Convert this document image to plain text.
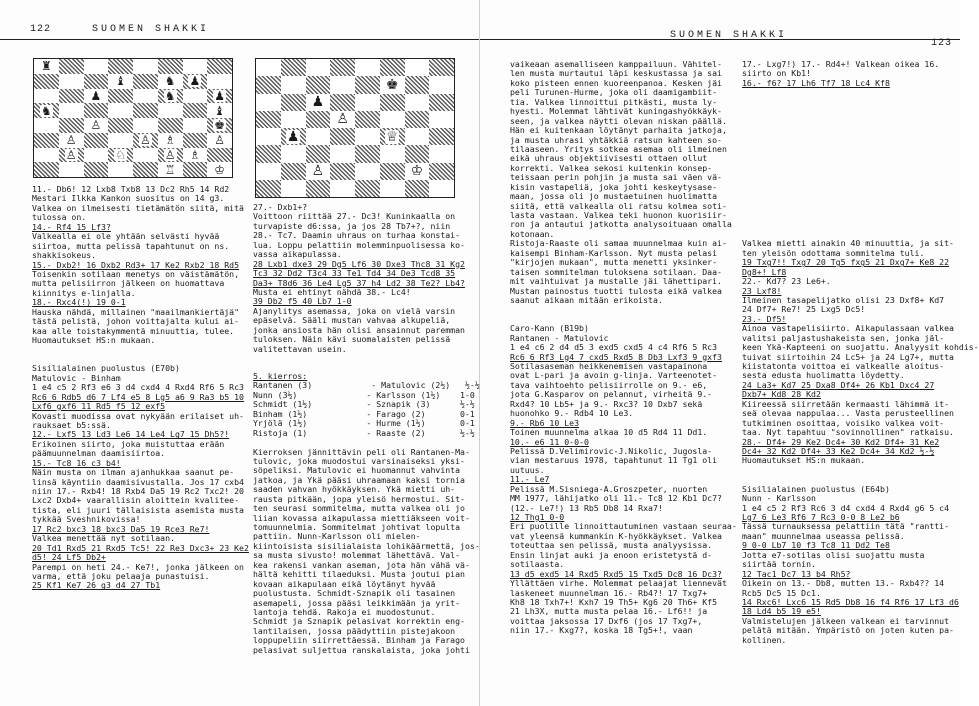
122	SUOMEN SHAKKI
♜
♝	♞ ♟
♟	♞	♟
♞	♝
♙	♚
♙	♙ ♗	♙
♙	♘	♙ ♗
♖	♔
♚
♟
♙
♟	♕
♙	♔
11.- Db6! 12 Lxb8 Txb8 13 Dc2 Rh5 14 Rd2
Mestari Ilkka Kankon suositus on 14 g3.
Valkea on ilmeisesti tietämätön siitä, mitä
tulossa on.
14.- Rf4 15 Lf3?
Valkealla ei ole yhtään selvästi hyvää
siirtoa, mutta pelissä tapahtunut on ns.
shakkisokeus.
15.- Dxb2! 16 Dxb2 Rd3+ 17 Ke2 Rxb2 18 Rd5
Toisenkin sotilaan menetys on väistämätön,
mutta pelisiirron jälkeen on huomattava
kiinnitys e-linjalla.
18.- Rxc4(!) 19 0-1
Hauska nähdä, millainen "maailmankiertäjä"
tästä pelistä, johon voittajalta kului ai-
kaa alle toistakymmentä minuuttia, tulee.
Huomautukset HS:n mukaan.
Sisilialainen puolustus (E70b)
Matulovic - Binham
1 e4 c5 2 Rf3 e6 3 d4 cxd4 4 Rxd4 Rf6 5 Rc3
Rc6 6 Rdb5 d6 7 Lf4 e5 8 Lg5 a6 9 Ra3 b5 10
Lxf6 gxf6 11 Rd5 f5 12 exf5
Kovasti muodissa ovat nykyään erilaiset uh-
rauksaet b5:ssä.
12.- Lxf5 13 Ld3 Le6 14 Le4 Lg7 15 Dh5?!
Erikoinen siirto, joka muistuttaa erään
päämuunnelman daamisiirtoa.
15.- Tc8 16 c3 b4!
Näin musta on ilman ajanhukkaa saanut pe-
linsä käyntiin daamisivustalla. Jos 17 cxb4
niin 17.- Rxb4! 18 Rxb4 Da5 19 Rc2 Txc2! 20
Lxc2 Dxb4+ vaarallisin aloittein kvalitee-
tista, eli juuri tällaisista asemista musta
tykkää Sveshnikovissa!
17 Rc2 bxc3 18 bxc3 Da5 19 Rce3 Re7!
Valkea menettää nyt sotilaan.
20 Td1 Rxd5 21 Rxd5 Tc5! 22 Re3 Dxc3+ 23 Ke2
d5! 24 Lf5 Db2+
Parempi on heti 24.- Ke7!, jonka jälkeen on
varma, että joku pelaaja punastuisi.
25 Kf1 Ke7 26 g3 d4 27 Tb1
27.- Dxb1+?
Voittoon riittää 27.- Dc3! Kuninkaalla on
turvapiste d6:ssa, ja jos 28 Tb7+?, niin
28.- Tc7. Daamin uhraus on turhaa konstai-
lua. Loppu pelattiin molemminpuolisessa ko-
vassa aikapulassa.
28 Lxb1 dxe3 29 Dg5 Lf6 30 Dxe3 Thc8 31 Kg2
Tc3 32 Dd2 T3c4 33 Te1 Td4 34 De3 Tcd8 35
Da3+ T8d6 36 Le4 Lg5 37 h4 Ld2 38 Te2? Lb4?
Musta ei ehtinyt nähdä 38.- Lc4!
39 Db2 f5 40 Lb7 1-0
Ajanylitys asemassa, joka on vielä varsin
epäselvä. Sääli mustan vahvaa alkupeliä,
jonka ansiosta hän olisi ansainnut paremman
tuloksen. Näin kävi suomalaisten pelissä
valitettavan usein.
5. kierros:
Rantanen (3)            - Matulovic (2½)   ½-½
Nunn (3½)              - Karlsson (1½)    1-0
Schmidt (1½)           - Sznapik (3)      ½-½
Binham (1½)            - Farago (2)       0-1
Yrjölä (1½)            - Hurme (1½)       0-1
Ristoja (1)            - Raaste (2)       ½-½
Kierroksen jännittävin peli oli Rantanen-Ma-
tulovic, joka muodostui varsinaiseksi yksi-
söpeliksi. Matulovic ei huomannut vahvinta
jatkoa, ja Ykä pääsi uhraamaan kaksi tornia
saaden vahvan hyökkäyksen. Ykä mietti uh-
rausta pitkään, jopa yleisö hermostui. Sit-
ten seurasi sommitelma, mutta valkea oli jo
liian kovassa aikapulassa miettiäkseen voit-
tomuunnelmia. Sommitelmat johtivat lopulta
pattiin. Nunn-Karlsson oli mielen-
kiintoisista sisilialaista lohikäärmettä, jos-
sa musta sivusto! molemmat lähettävä. Val-
kea rakensi vankan aseman, jota hän vähä vä-
hältä kehitti tilaeduksi. Musta joutui pian
kovaan aikapulaan eikä löytänyt hyvää
puolustusta. Schmidt-Sznapik oli tasainen
asemapeli, jossa pääsi leikkimään ja yrit-
lantoja tehdä. Rakoja ei muodostunut.
Schmidt ja Sznapik pelasivat korrektin eng-
lantilaisen, jossa päädyttiin pistejakoon
loppupeliin siirrettäessä. Binham ja Farago
pelasivat suljettua ranskalaista, joka johti
SUOMEN SHAKKI
123
vaikeaan asemalliseen kamppailuun. Vähitel-
len musta murtautui läpi keskustassa ja sai
koko pisteen ennen kuoreenpanoa. Kesken jäi
peli Turunen-Hurme, joka oli daamigambiit-
tia. Valkea linnoittui pitkästi, musta ly-
hyesti. Molemmat lähtivät kuningashyökkäyk-
seen, ja valkea näytti olevan niskan päällä.
Hän ei kuitenkaan löytänyt parhaita jatkoja,
ja musta uhrasi yhtäkkiä ratsun kahteen so-
tilaaseen. Yritys sotkea asemaa oli ilmeinen
eikä uhraus objektiivisesti ottaen ollut
korrekti. Valkea sekosi kuitenkin konsep-
teissaan perin pohjin ja musta sai väen vä-
kisin vastapeliä, joka johti keskeytysase-
maan, jossa oli jo mustaetuinen huolimatta
siitä, että valkealla oli ratsu kolmea soti-
lasta vastaan. Valkea teki huonon kuorisiir-
ron ja antautui jatkotta analysoituaan omalla
kotonaan.
Ristoja-Raaste oli samaa muunnelmaa kuin ai-
kaisempi Binham-Karlsson. Nyt musta pelasi
"kirjojen mukaan", mutta menetti yksinker-
taisen sommitelman tuloksena sotilaan. Daa-
mit vaihtuivat ja mustalle jäi lähettipari.
Mustan painostus tuotti tulosta eikä valkea
saanut aikaan mitään erikoista.
Caro-Kann (B19b)
Rantanen - Matulovic
1 e4 c6 2 d4 d5 3 exd5 cxd5 4 c4 Rf6 5 Rc3
Rc6 6 Rf3 Lg4 7 cxd5 Rxd5 8 Db3 Lxf3 9 gxf3
Sotilasaseman heikkenemisen vastapainona
ovat L-pari ja avoin g-linja. Varteenotet-
tava vaihtoehto pelisiirrolle on 9.- e6,
jota G.Kasparov on pelannut, virheitä 9.-
Rxd4? 10 Lb5+ ja 9.- Rxc3? 10 Dxb7 sekä
huonohko 9.- Rdb4 10 Le3.
9.- Rb6 10 Le3
Toinen muunnelma alkaa 10 d5 Rd4 11 Dd1.
10.- e6 11 0-0-0
Pelissä D.Velimirovic-J.Nikolic, Jugosla-
vian mestaruus 1978, tapahtunut 11 Tg1 oli
uutuus.
11.- Le7
Pelissä M.Sisniega-A.Groszpeter, nuorten
MM 1977, lähijatko oli 11.- Tc8 12 Kb1 Dc7?
(12.- Le7!) 13 Rb5 Db8 14 Rxa7!
12 Thg1 0-0
Eri puolille linnoittautuminen vastaan seuraa-
vat yleensä kummankin K-hyökkäykset. Valkea
toteuttaa sen pelissä, musta analyysissa.
Ensin linjat auki ja enoon eristetystä d-
sotilaasta.
13 d5 exd5 14 Rxd5 Rxd5 15 Txd5 Dc8 16 Dc3?
Yllättäen virhe. Molemmat pelaajat liennevät
laskeneet muunnelman 16.- Rb4?! 17 Txg7+
Kh8 18 Txh7+! Kxh7 19 Th5+ Kg6 20 Th6+ Kf5
21 Lh3X, mutta musta pelaa 16.- Lf6!! ja
voittaa jaksossa 17 Dxf6 (jos 17 Txg7+,
niin 17.- Kxg7?, koska 18 Tg5+!, vaan
17.- Lxg7!) 17.- Rd4+! Valkean oikea 16.
siirto on Kb1!
16.- f6? 17 Lh6 Tf7 18 Lc4 Kf8
Valkea mietti ainakin 40 minuuttia, ja sit-
ten yleisön odottama sommitelma tuli.
19 Txg7!! Txg7 20 Tg5 fxg5 21 Dxg7+ Ke8 22
Dg8+! Lf8
22.- Kd7? 23 Le6+.
23 Lxf8!
Ilmeinen tasapelijatko olisi 23 Dxf8+ Kd7
24 Df7+ Re7! 25 Lxg5 Dc5!
23.- Df5!
Ainoa vastapelisiirto. Aikapulassaan valkea
valitsi paljastushakeista sen, jonka jäl-
keen Ykä-Kapteeni on suojattu. Analyysit kohdis-
tuivat siirtoihin 24 Lc5+ ja 24 Lg7+, mutta
kiistatonta voittoa ei valkealle aloitus-
sesta edusta huolimatta löydetty.
24 La3+ Kd7 25 Dxa8 Df4+ 26 Kb1 Dxc4 27
Dxb7+ Kd8 28 Kd2
Kiireessä siirretään kermaasti lähimmä it-
seä olevaa nappulaa... Vasta perusteellinen
tutkiminen osoittaa, voisiko valkea voit-
taa. Nyt tapahtuu "sovinnollinen" ratkaisu.
28.- Df4+ 29 Ke2 Dc4+ 30 Kd2 Df4+ 31 Ke2
Dc4+ 32 Kd2 Df4+ 33 Ke2 Dc4+ 34 Kd2 ½-½
Huomautukset HS:n mukaan.
Sisilialainen puolustus (E64b)
Nunn - Karlsson
1 e4 c5 2 Rf3 Rc6 3 d4 cxd4 4 Rxd4 g6 5 c4
Lg7 6 Le3 Rf6 7 Rc3 0-0 8 Le2 b6
Tässä turnauksessa pelattiin tätä "rantti-
maan" muunnelmaa useassa pelissä.
9 0-0 Lb7 10 f3 Tc8 11 Dd2 Te8
Jotta e7-sotilas olisi suojattu musta
siirtää tornin.
12 Tac1 Dc7 13 b4 Rh5?
Oikein on 13.- Db8, mutten 13.- Rxb4?? 14
Rcb5 Dc5 15 Dc1.
14 Rxc6! Lxc6 15 Rd5 Db8 16 f4 Rf6 17 Lf3 d6
18 Ld4 b5 19 e5!
Valmistelujen jälkeen valkean ei tarvinnut
pelätä mitään. Ympäristö on joten kuten pa-
kollinen.
